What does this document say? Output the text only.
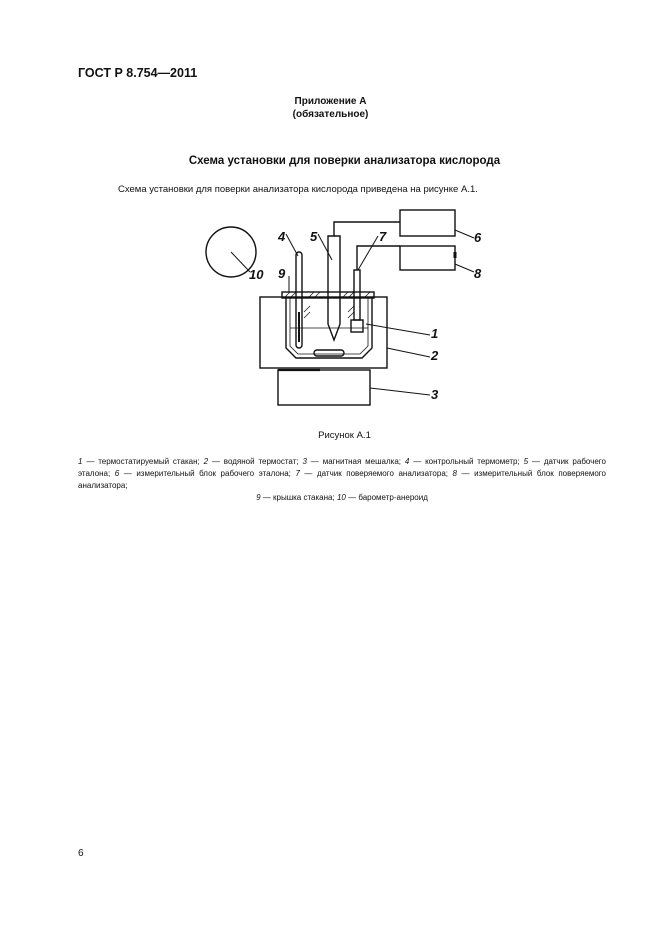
ГОСТ Р 8.754—2011
Приложение А
(обязательное)
Схема установки для поверки анализатора кислорода
Схема установки для поверки анализатора кислорода приведена на рисунке А.1.
1
2
3
4 5	6
7
8
9
10
Рисунок А.1
1 — термостатируемый стакан; 2 — водяной термостат; 3 — магнитная мешалка; 4 — контрольный термометр; 5 — датчик рабочего эталона; 6 — измерительный блок рабочего эталона; 7 — датчик поверяемого анализатора; 8 — измерительный блок поверяемого анализатора;
9 — крышка стакана; 10 — барометр-анероид
6
